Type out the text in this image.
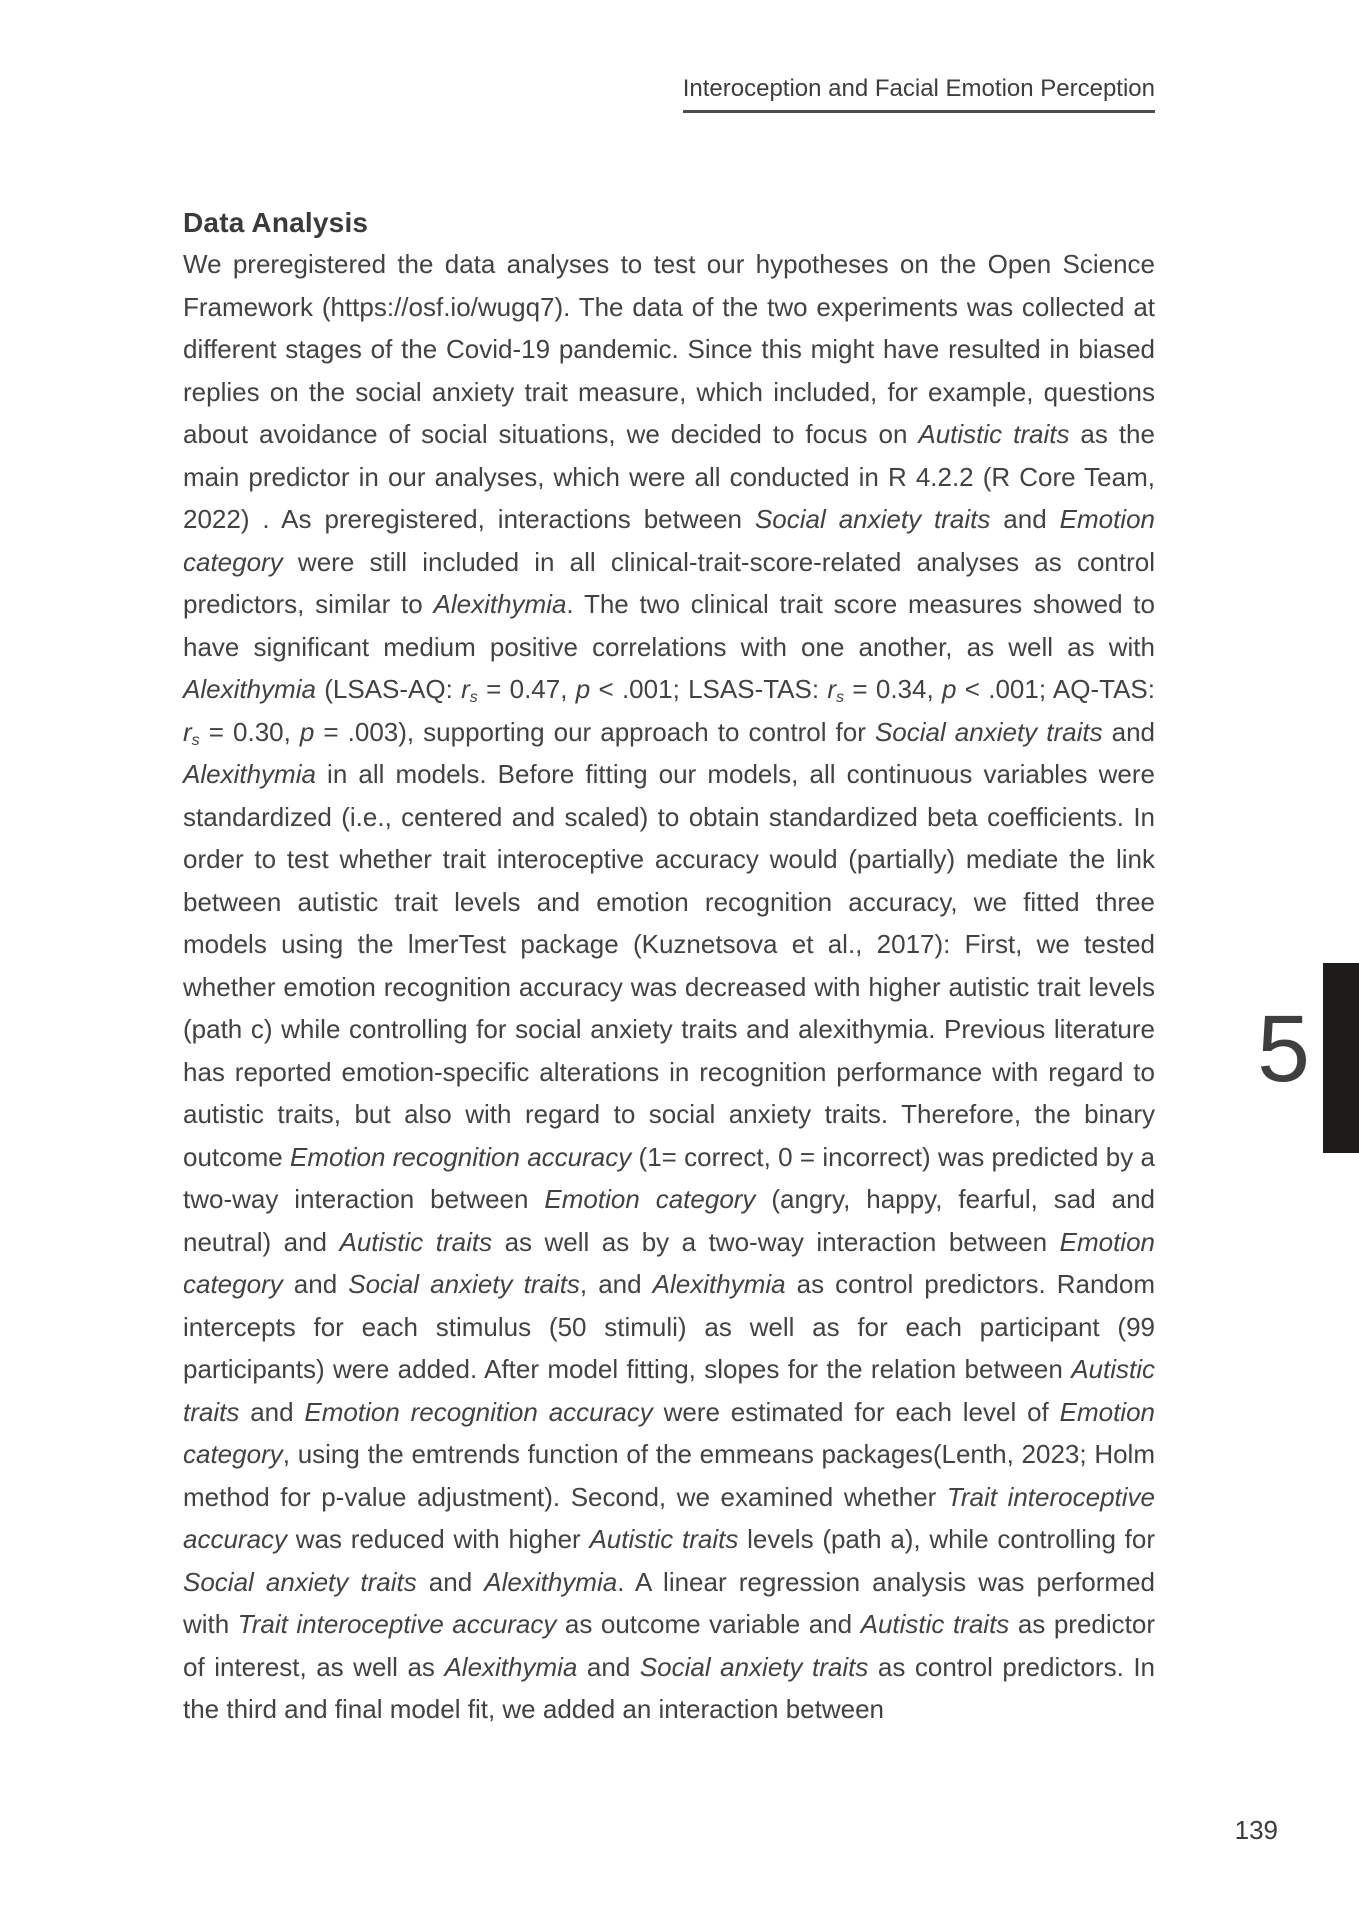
Interoception and Facial Emotion Perception
Data Analysis

We preregistered the data analyses to test our hypotheses on the Open Science Framework (https://osf.io/wugq7). The data of the two experiments was collected at different stages of the Covid-19 pandemic. Since this might have resulted in biased replies on the social anxiety trait measure, which included, for example, questions about avoidance of social situations, we decided to focus on Autistic traits as the main predictor in our analyses, which were all conducted in R 4.2.2 (R Core Team, 2022) . As preregistered, interactions between Social anxiety traits and Emotion category were still included in all clinical-trait-score-related analyses as control predictors, similar to Alexithymia. The two clinical trait score measures showed to have significant medium positive correlations with one another, as well as with Alexithymia (LSAS-AQ: $r_s = 0.47$, p < .001; LSAS-TAS: $r_s = 0.34$, p < .001; AQ-TAS: $r_s = 0.30$, p = .003), supporting our approach to control for Social anxiety traits and Alexithymia in all models. Before fitting our models, all continuous variables were standardized (i.e., centered and scaled) to obtain standardized beta coefficients. In order to test whether trait interoceptive accuracy would (partially) mediate the link between autistic trait levels and emotion recognition accuracy, we fitted three models using the lmerTest package (Kuznetsova et al., 2017): First, we tested whether emotion recognition accuracy was decreased with higher autistic trait levels (path c) while controlling for social anxiety traits and alexithymia. Previous literature has reported emotion-specific alterations in recognition performance with regard to autistic traits, but also with regard to social anxiety traits. Therefore, the binary outcome Emotion recognition accuracy (1= correct, 0 = incorrect) was predicted by a two-way interaction between Emotion category (angry, happy, fearful, sad and neutral) and Autistic traits as well as by a two-way interaction between Emotion category and Social anxiety traits, and Alexithymia as control predictors. Random intercepts for each stimulus (50 stimuli) as well as for each participant (99 participants) were added. After model fitting, slopes for the relation between Autistic traits and Emotion recognition accuracy were estimated for each level of Emotion category, using the emtrends function of the emmeans packages(Lenth, 2023; Holm method for p-value adjustment). Second, we examined whether Trait interoceptive accuracy was reduced with higher Autistic traits levels (path a), while controlling for Social anxiety traits and Alexithymia. A linear regression analysis was performed with Trait interoceptive accuracy as outcome variable and Autistic traits as predictor of interest, as well as Alexithymia and Social anxiety traits as control predictors. In the third and final model fit, we added an interaction between

5
139
